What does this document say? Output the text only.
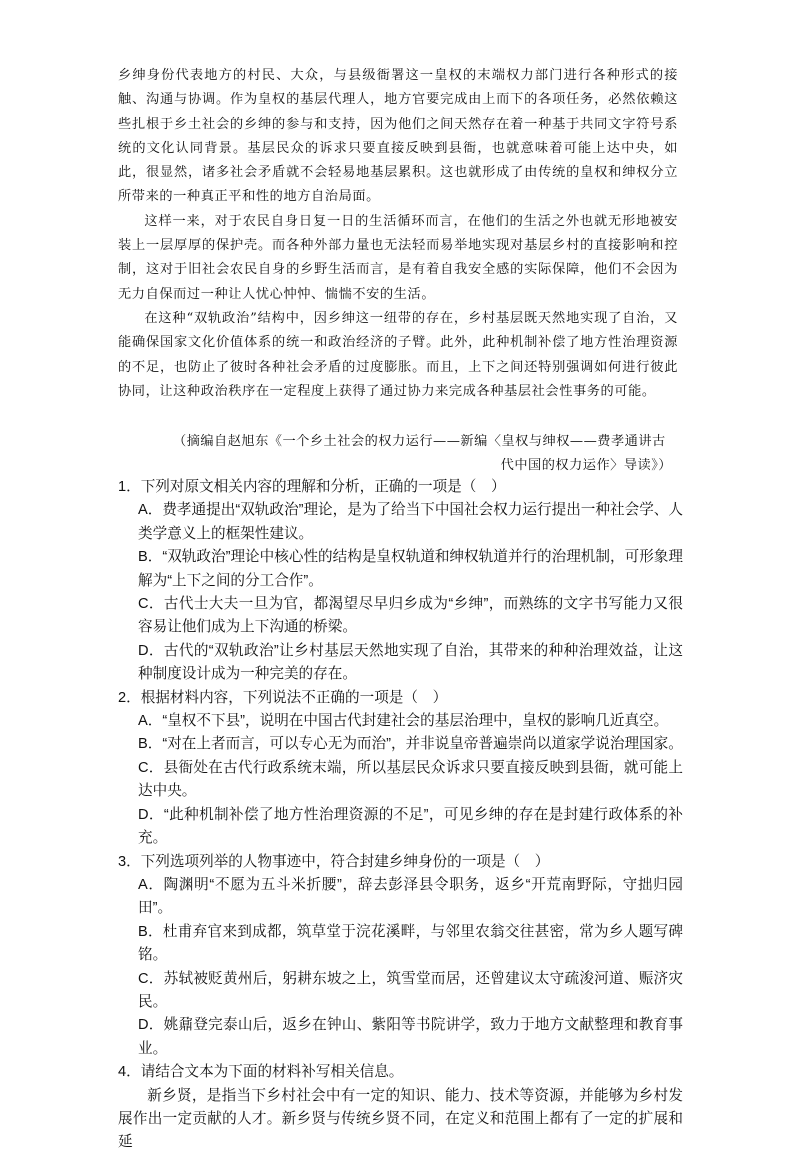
乡绅身份代表地方的村民、大众，与县级衙署这一皇权的末端权力部门进行各种形式的接触、沟通与协调。作为皇权的基层代理人，地方官要完成由上而下的各项任务，必然依赖这些扎根于乡土社会的乡绅的参与和支持，因为他们之间天然存在着一种基于共同文字符号系统的文化认同背景。基层民众的诉求只要直接反映到县衙，也就意味着可能上达中央，如此，很显然，诸多社会矛盾就不会轻易地基层累积。这也就形成了由传统的皇权和绅权分立所带来的一种真正平和性的地方自治局面。

这样一来，对于农民自身日复一日的生活循环而言，在他们的生活之外也就无形地被安装上一层厚厚的保护壳。而各种外部力量也无法轻而易举地实现对基层乡村的直接影响和控制，这对于旧社会农民自身的乡野生活而言，是有着自我安全感的实际保障，他们不会因为无力自保而过一种让人忧心忡忡、惴惴不安的生活。

在这种“双轨政治”结构中，因乡绅这一纽带的存在，乡村基层既天然地实现了自治，又能确保国家文化价值体系的统一和政治经济的子臂。此外，此种机制补偿了地方性治理资源的不足，也防止了彼时各种社会矛盾的过度膨胀。而且，上下之间还特别强调如何进行彼此协同，让这种政治秩序在一定程度上获得了通过协力来完成各种基层社会性事务的可能。

（摘编自赵旭东《一个乡土社会的权力运行——新编〈皇权与绅权——费孝通讲古
代中国的权力运作〉导读》）

1．下列对原文相关内容的理解和分析，正确的一项是（　）

A．费孝通提出“双轨政治”理论，是为了给当下中国社会权力运行提出一种社会学、人类学意义上的框架性建议。

B．“双轨政治”理论中核心性的结构是皇权轨道和绅权轨道并行的治理机制，可形象理解为“上下之间的分工合作”。

C．古代士大夫一旦为官，都渴望尽早归乡成为“乡绅”，而熟练的文字书写能力又很容易让他们成为上下沟通的桥梁。

D．古代的“双轨政治”让乡村基层天然地实现了自治，其带来的种种治理效益，让这种制度设计成为一种完美的存在。

2．根据材料内容，下列说法不正确的一项是（　）

A．“皇权不下县”，说明在中国古代封建社会的基层治理中，皇权的影响几近真空。

B．“对在上者而言，可以专心无为而治”，并非说皇帝普遍崇尚以道家学说治理国家。

C．县衙处在古代行政系统末端，所以基层民众诉求只要直接反映到县衙，就可能上达中央。

D．“此种机制补偿了地方性治理资源的不足”，可见乡绅的存在是封建行政体系的补充。

3．下列选项列举的人物事迹中，符合封建乡绅身份的一项是（　）

A．陶渊明“不愿为五斗米折腰”，辞去彭泽县令职务，返乡“开荒南野际，守拙归园田”。

B．杜甫弃官来到成都，筑草堂于浣花溪畔，与邻里农翁交往甚密，常为乡人题写碑铭。

C．苏轼被贬黄州后，躬耕东坡之上，筑雪堂而居，还曾建议太守疏浚河道、赈济灾民。

D．姚鼐登完泰山后，返乡在钟山、紫阳等书院讲学，致力于地方文献整理和教育事业。

4．请结合文本为下面的材料补写相关信息。

新乡贤，是指当下乡村社会中有一定的知识、能力、技术等资源，并能够为乡村发展作出一定贡献的人才。新乡贤与传统乡贤不同，在定义和范围上都有了一定的扩展和延
